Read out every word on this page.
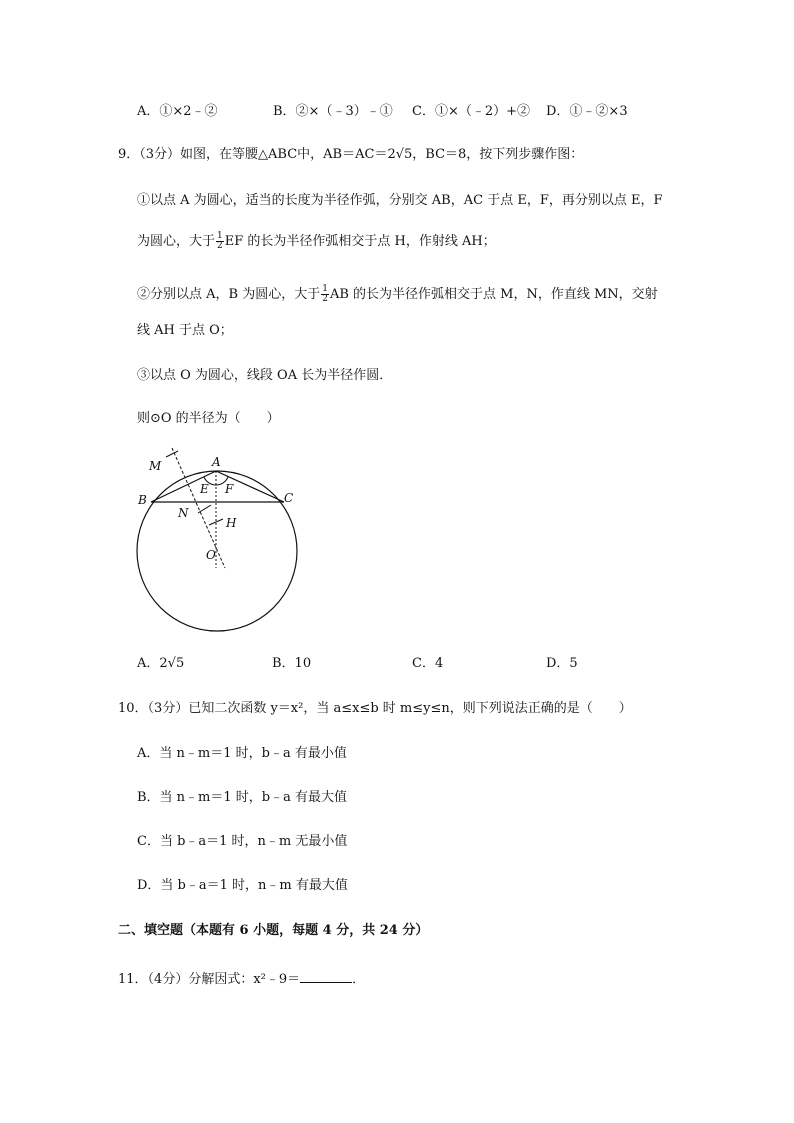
A．①×2﹣②	B．②×（﹣3）﹣① C．①×（﹣2）+② D．①﹣②×3
9．（3分）如图，在等腰△ABC中，AB＝AC＝2√5，BC＝8，按下列步骤作图：
①以点 A 为圆心，适当的长度为半径作弧，分别交 AB，AC 于点 E，F，再分别以点 E，F
为圆心，大于 $\frac{1}{2}$ EF 的长为半径作弧相交于点 H，作射线 AH；
②分别以点 A，B 为圆心，大于 $\frac{1}{2}$ AB 的长为半径作弧相交于点 M，N，作直线 MN，交射
线 AH 于点 O；
③以点 O 为圆心，线段 OA 长为半径作圆．
则⊙O 的半径为（　　）
M	A
E F
B	C
N
H
O
A．2√5	B．10	C．4	D．5
10．（3分）已知二次函数 y＝x²，当 a≤x≤b 时 m≤y≤n，则下列说法正确的是（　　）
A．当 n﹣m＝1 时，b﹣a 有最小值
B．当 n﹣m＝1 时，b﹣a 有最大值
C．当 b﹣a＝1 时，n﹣m 无最小值
D．当 b﹣a＝1 时，n﹣m 有最大值
二、填空题（本题有 6 小题，每题 4 分，共 24 分）
11．（4分）分解因式：x²﹣9＝	．
